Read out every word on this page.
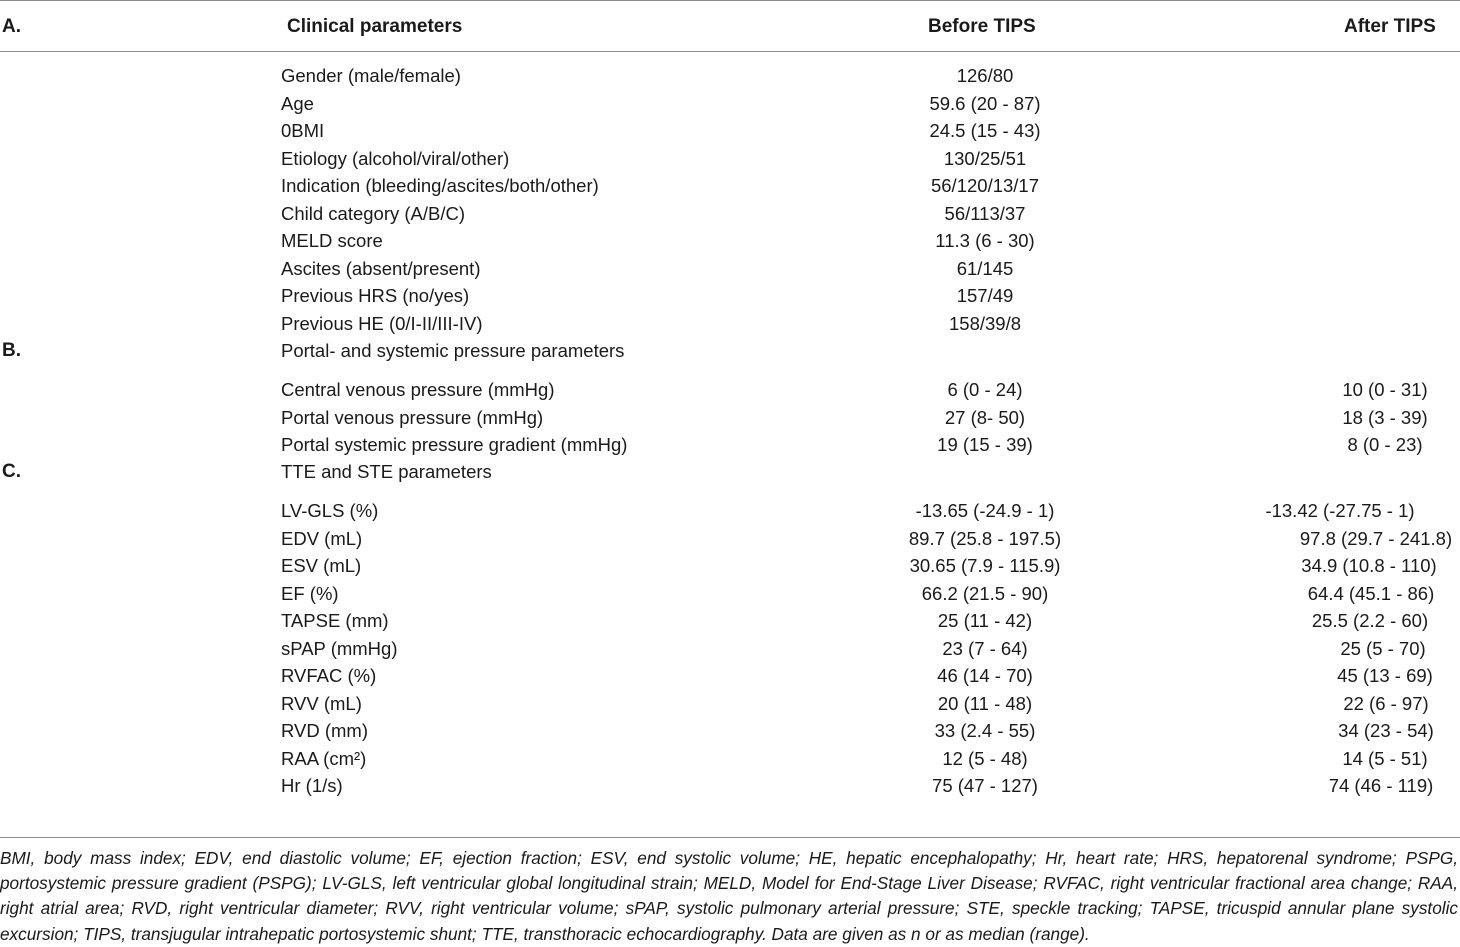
A.	Clinical parameters	Before TIPS	After TIPS
Gender (male/female)	126/80
Age	59.6 (20 - 87)
0BMI	24.5 (15 - 43)
Etiology (alcohol/viral/other)	130/25/51
Indication (bleeding/ascites/both/other)	56/120/13/17
Child category (A/B/C)	56/113/37
MELD score	11.3 (6 - 30)
Ascites (absent/present)	61/145
Previous HRS (no/yes)	157/49
Previous HE (0/I-II/III-IV)	158/39/8
B.	Portal- and systemic pressure parameters
Central venous pressure (mmHg)	6 (0 - 24)	10 (0 - 31)
Portal venous pressure (mmHg)	27 (8- 50)	18 (3 - 39)
Portal systemic pressure gradient (mmHg)	19 (15 - 39)	8 (0 - 23)
C.	TTE and STE parameters
LV-GLS (%)	-13.65 (-24.9 - 1)	-13.42 (-27.75 - 1)
EDV (mL)	89.7 (25.8 - 197.5)	97.8 (29.7 - 241.8)
ESV (mL)	30.65 (7.9 - 115.9)	34.9 (10.8 - 110)
EF (%)	66.2 (21.5 - 90)	64.4 (45.1 - 86)
TAPSE (mm)	25 (11 - 42)	25.5 (2.2 - 60)
sPAP (mmHg)	23 (7 - 64)	25 (5 - 70)
RVFAC (%)	46 (14 - 70)	45 (13 - 69)
RVV (mL)	20 (11 - 48)	22 (6 - 97)
RVD (mm)	33 (2.4 - 55)	34 (23 - 54)
RAA (cm²)	12 (5 - 48)	14 (5 - 51)
Hr (1/s)	75 (47 - 127)	74 (46 - 119)
BMI, body mass index; EDV, end diastolic volume; EF, ejection fraction; ESV, end systolic volume; HE, hepatic encephalopathy; Hr, heart rate; HRS, hepatorenal syndrome; PSPG, portosystemic pressure gradient (PSPG); LV-GLS, left ventricular global longitudinal strain; MELD, Model for End-Stage Liver Disease; RVFAC, right ventricular fractional area change; RAA, right atrial area; RVD, right ventricular diameter; RVV, right ventricular volume; sPAP, systolic pulmonary arterial pressure; STE, speckle tracking; TAPSE, tricuspid annular plane systolic excursion; TIPS, transjugular intrahepatic portosystemic shunt; TTE, transthoracic echocardiography. Data are given as n or as median (range).
